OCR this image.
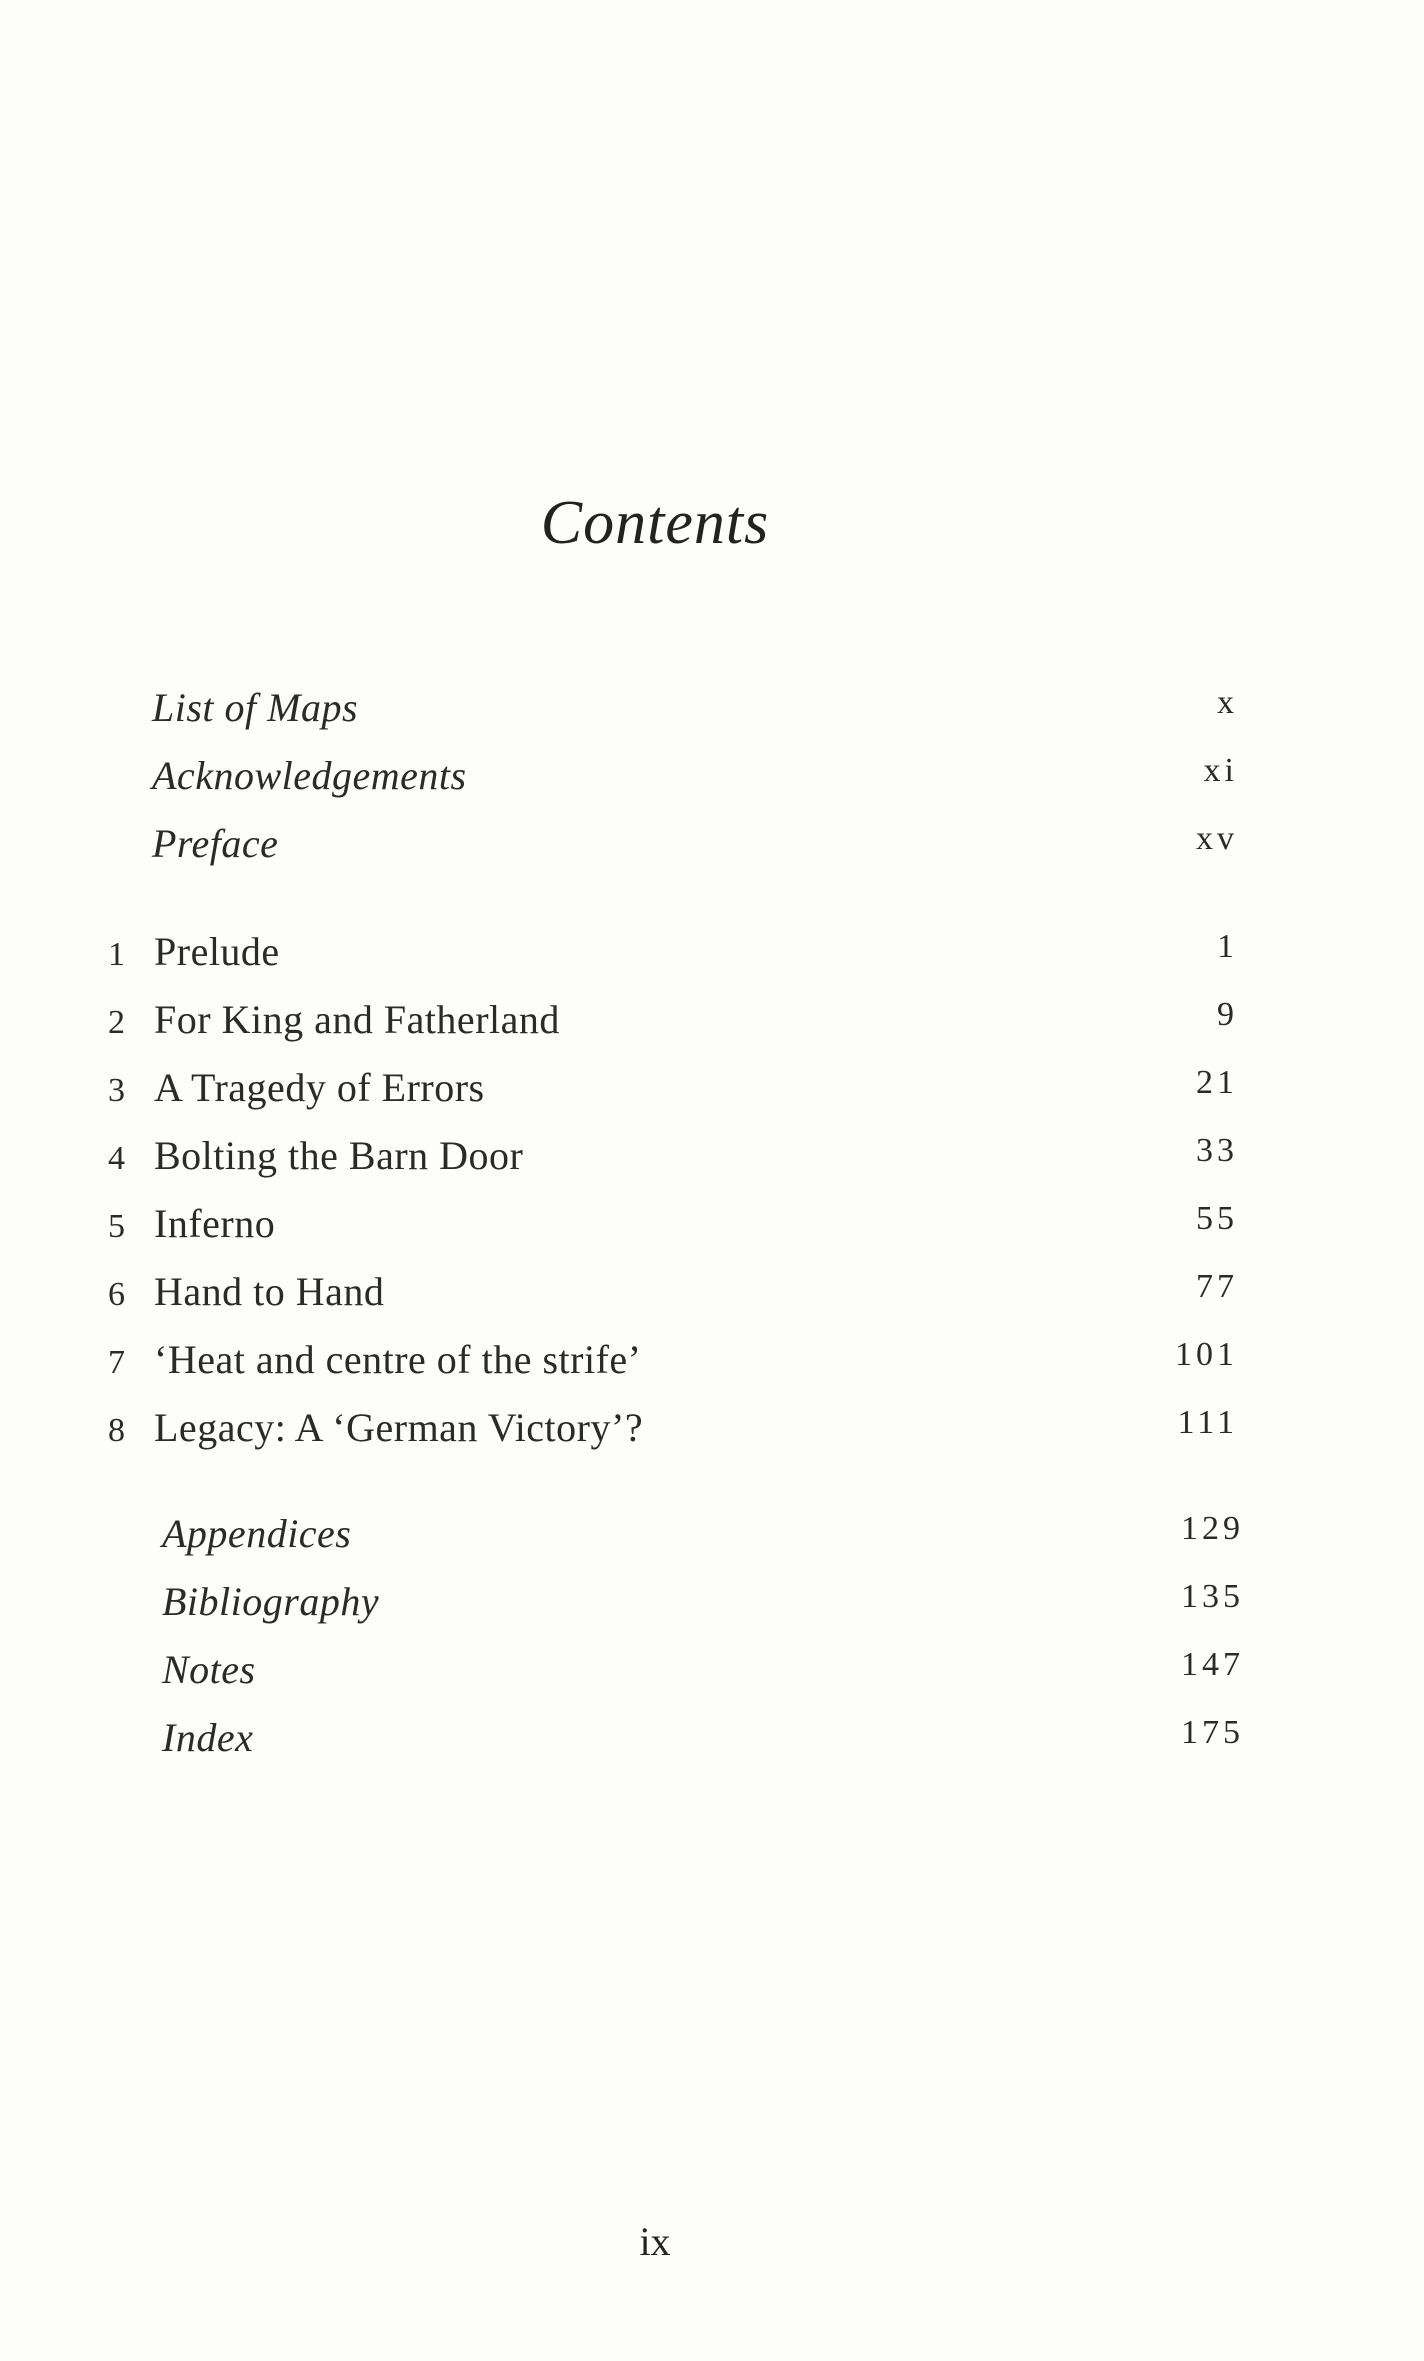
Contents
List of Maps	x
Acknowledgements	xi
Preface	xv
1 Prelude	1
2 For King and Fatherland	9
3 A Tragedy of Errors	21
4 Bolting the Barn Door	33
5 Inferno	55
6 Hand to Hand	77
7 ‘Heat and centre of the strife’	101
8 Legacy: A ‘German Victory’?	111
Appendices	129
Bibliography	135
Notes	147
Index	175
ix
